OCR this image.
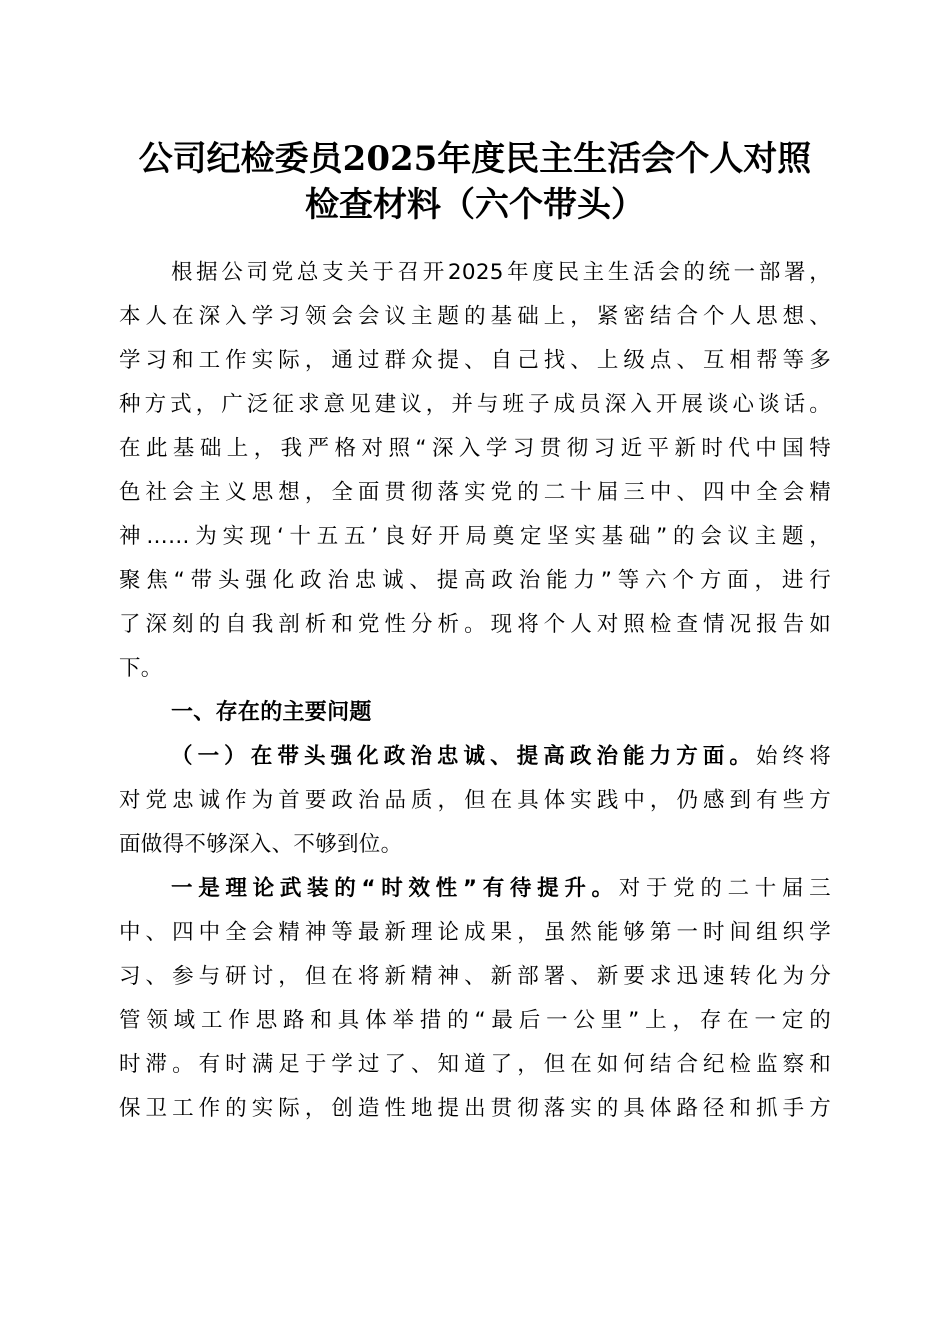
公司纪检委员2025年度民主生活会个人对照
检查材料（六个带头）
根据公司党总支关于召开2025年度民主生活会的统一部署，
本人在深入学习领会会议主题的基础上，紧密结合个人思想、
学习和工作实际，通过群众提、自己找、上级点、互相帮等多
种方式，广泛征求意见建议，并与班子成员深入开展谈心谈话。
在此基础上，我严格对照“深入学习贯彻习近平新时代中国特
色社会主义思想，全面贯彻落实党的二十届三中、四中全会精
神……为实现‘十五五’良好开局奠定坚实基础”的会议主题，
聚焦“带头强化政治忠诚、提高政治能力”等六个方面，进行
了深刻的自我剖析和党性分析。现将个人对照检查情况报告如
下。
一、存在的主要问题
（一）在带头强化政治忠诚、提高政治能力方面。始终将
对党忠诚作为首要政治品质，但在具体实践中，仍感到有些方
面做得不够深入、不够到位。
一是理论武装的“时效性”有待提升。对于党的二十届三
中、四中全会精神等最新理论成果，虽然能够第一时间组织学
习、参与研讨，但在将新精神、新部署、新要求迅速转化为分
管领域工作思路和具体举措的“最后一公里”上，存在一定的
时滞。有时满足于学过了、知道了，但在如何结合纪检监察和
保卫工作的实际，创造性地提出贯彻落实的具体路径和抓手方
